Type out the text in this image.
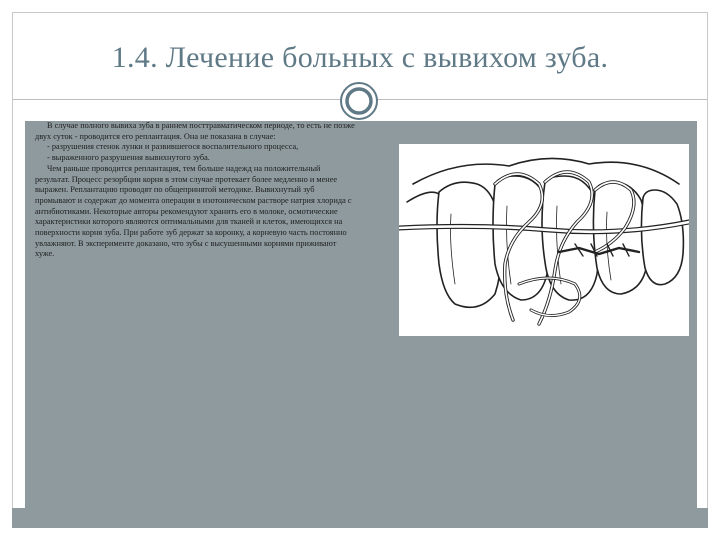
1.4. Лечение больных с вывихом зуба.

В случае полного вывиха зуба в раннем посттравматическом периоде, то есть не позже двух суток - проводится его реплантация. Она не показана в случае:

- разрушения стенок лунки и развившегося воспалительного процесса,

- выраженного разрушения вывихнутого зуба.

Чем раньше проводится реплантация, тем больше надежд на положительный результат. Процесс резорбции корня в этом случае протекает более медленно и менее выражен. Реплантацию проводят по общепринятой методике. Вывихнутый зуб промывают и содержат до момента операции в изотоническом растворе натрия хлорида с антибиотиками. Некоторые авторы рекомендуют хранить его в молоке, осмотические характеристики которого являются оптимальными для тканей и клеток, имеющихся на поверхности корня зуба. При работе зуб держат за коронку, а корневую часть постоянно увлажняют. В эксперименте доказано, что зубы с высушенными корнями приживают хуже.
